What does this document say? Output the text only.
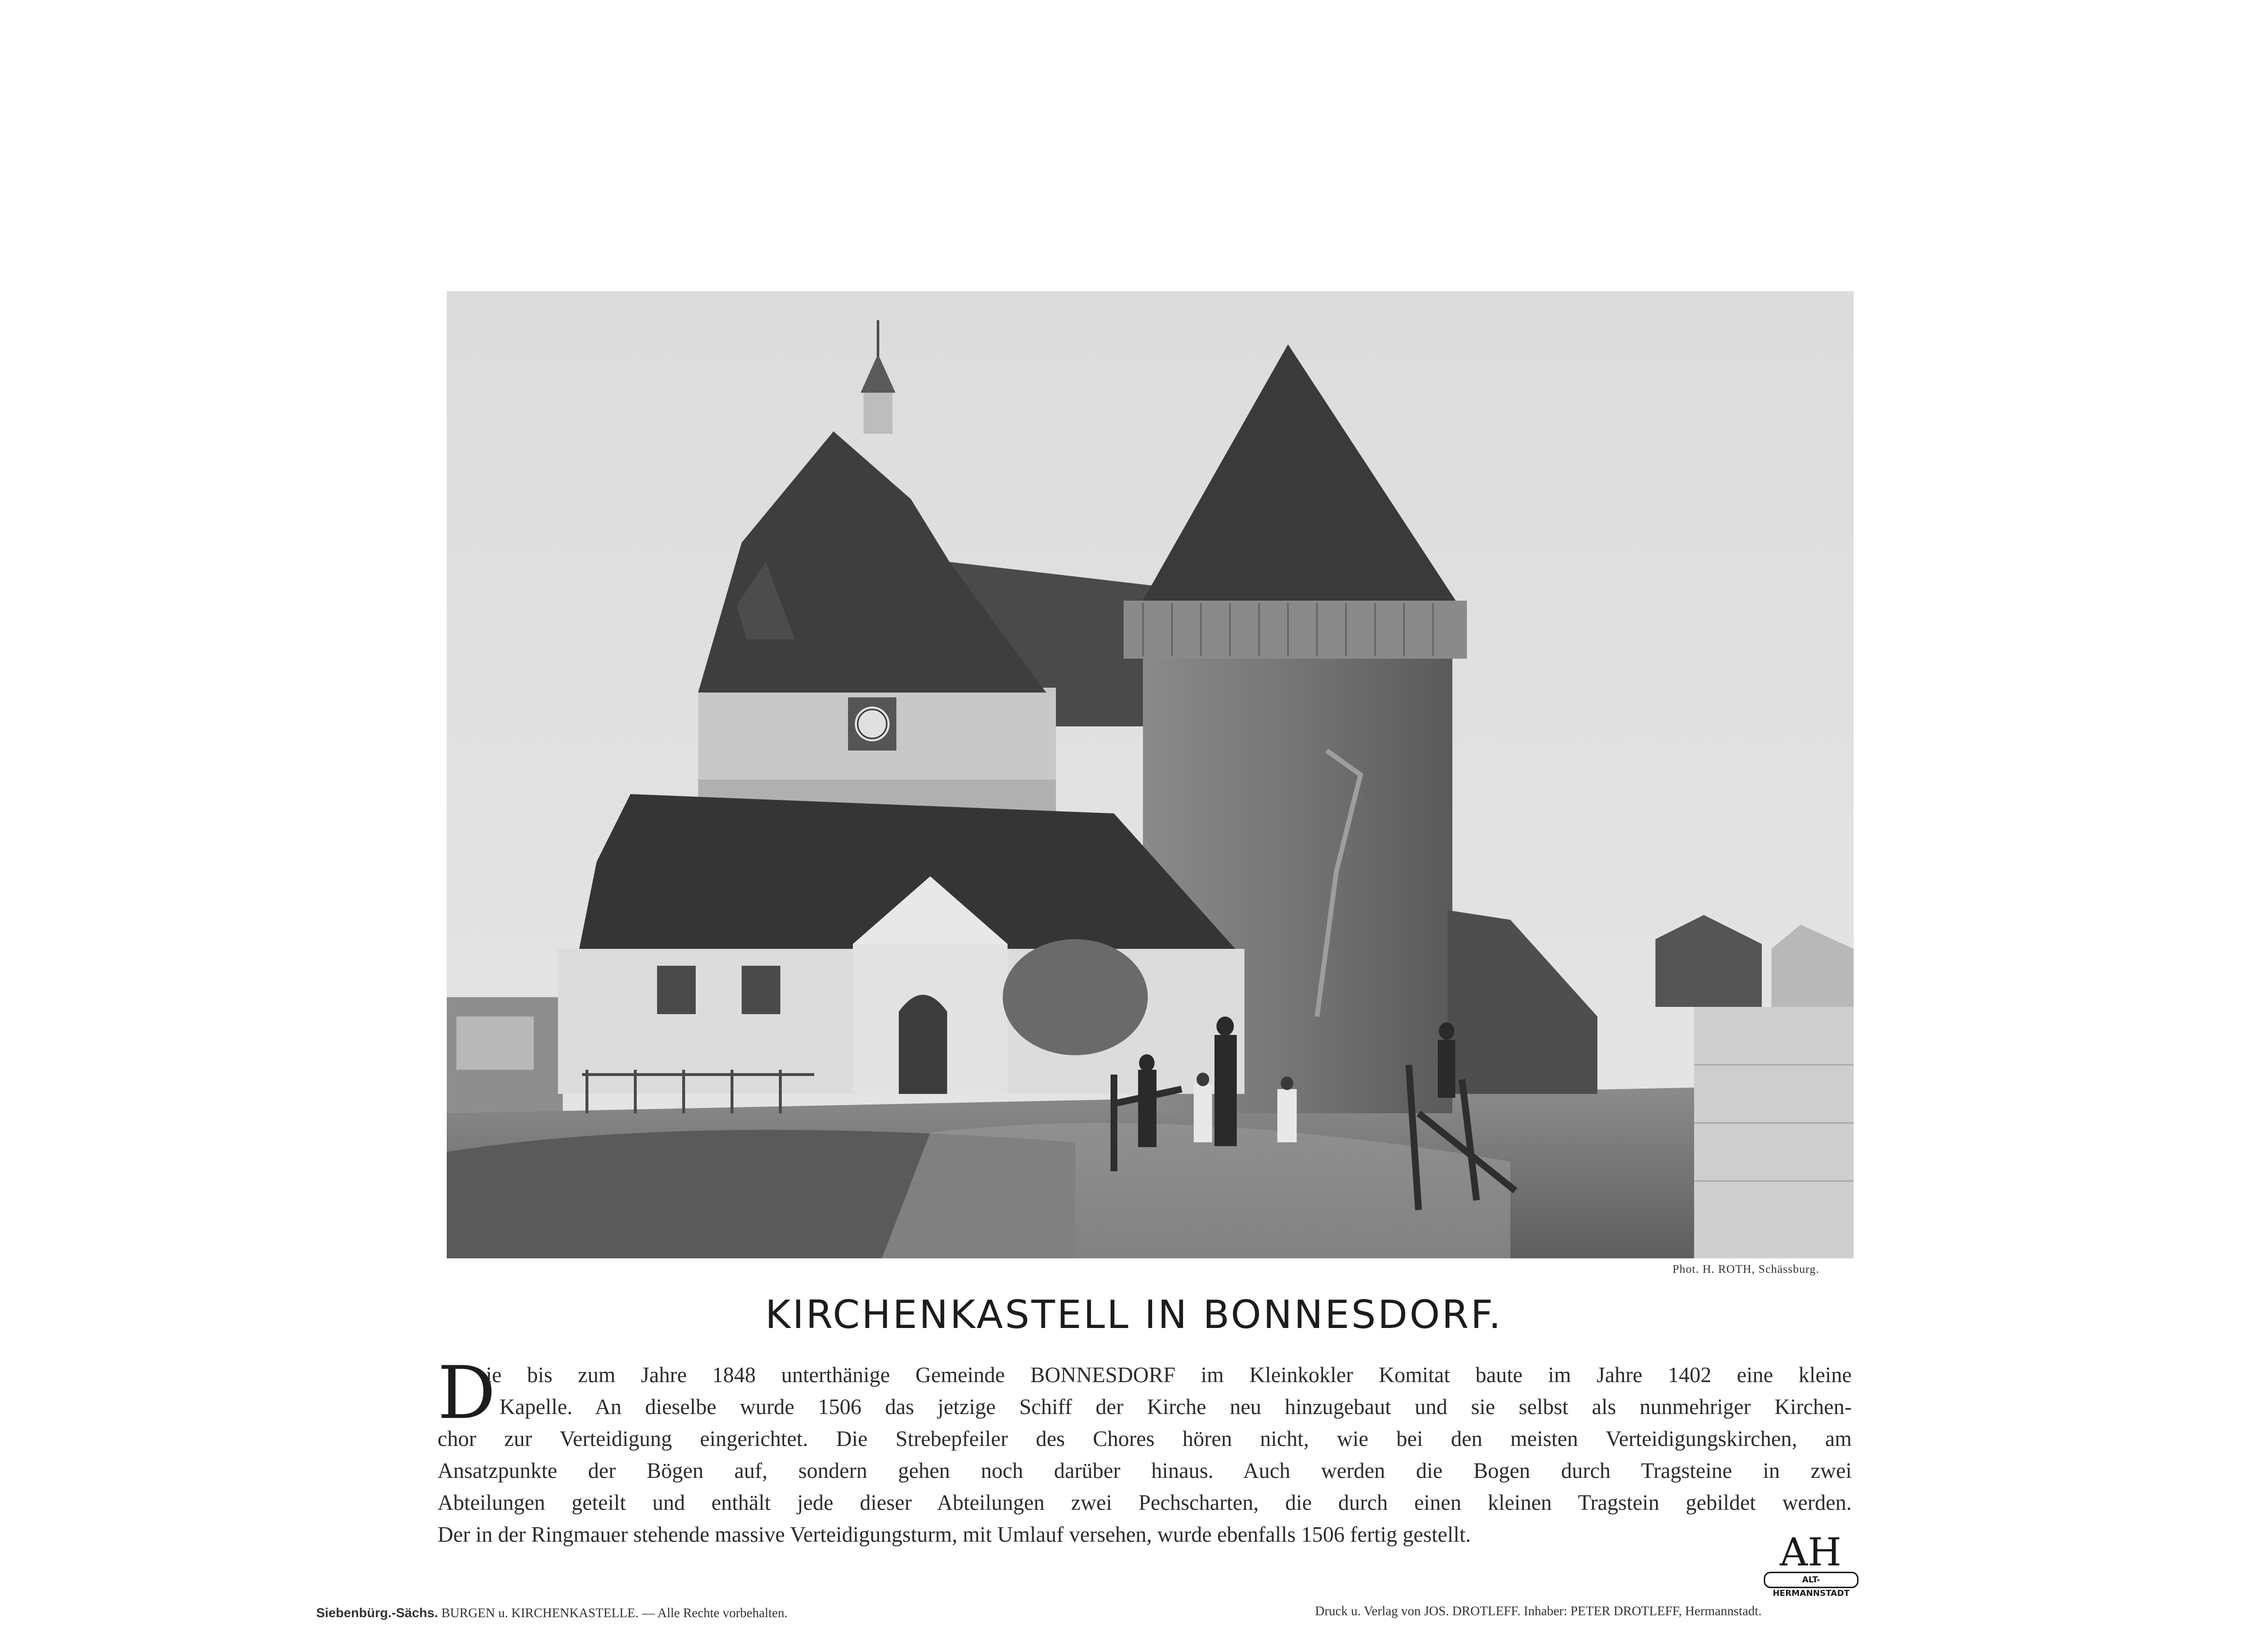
Phot. H. ROTH, Schässburg.
KIRCHENKASTELL IN BONNESDORF.
D
ie bis zum Jahre 1848 unterthänige Gemeinde BONNESDORF im Kleinkokler Komitat baute im Jahre 1402 eine kleine
Kapelle. An dieselbe wurde 1506 das jetzige Schiff der Kirche neu hinzugebaut und sie selbst als nunmehriger Kirchen-
chor zur Verteidigung eingerichtet. Die Strebepfeiler des Chores hören nicht, wie bei den meisten Verteidigungskirchen, am
Ansatzpunkte der Bögen auf, sondern gehen noch darüber hinaus. Auch werden die Bogen durch Tragsteine in zwei
Abteilungen geteilt und enthält jede dieser Abteilungen zwei Pechscharten, die durch einen kleinen Tragstein gebildet werden.
Der in der Ringmauer stehende massive Verteidigungsturm, mit Umlauf versehen, wurde ebenfalls 1506 fertig gestellt.	AH
ALT-HERMANNSTADT
Siebenbürg.-Sächs. BURGEN u. KIRCHENKASTELLE. — Alle Rechte vorbehalten.	Druck u. Verlag von JOS. DROTLEFF. Inhaber: PETER DROTLEFF, Hermannstadt.
